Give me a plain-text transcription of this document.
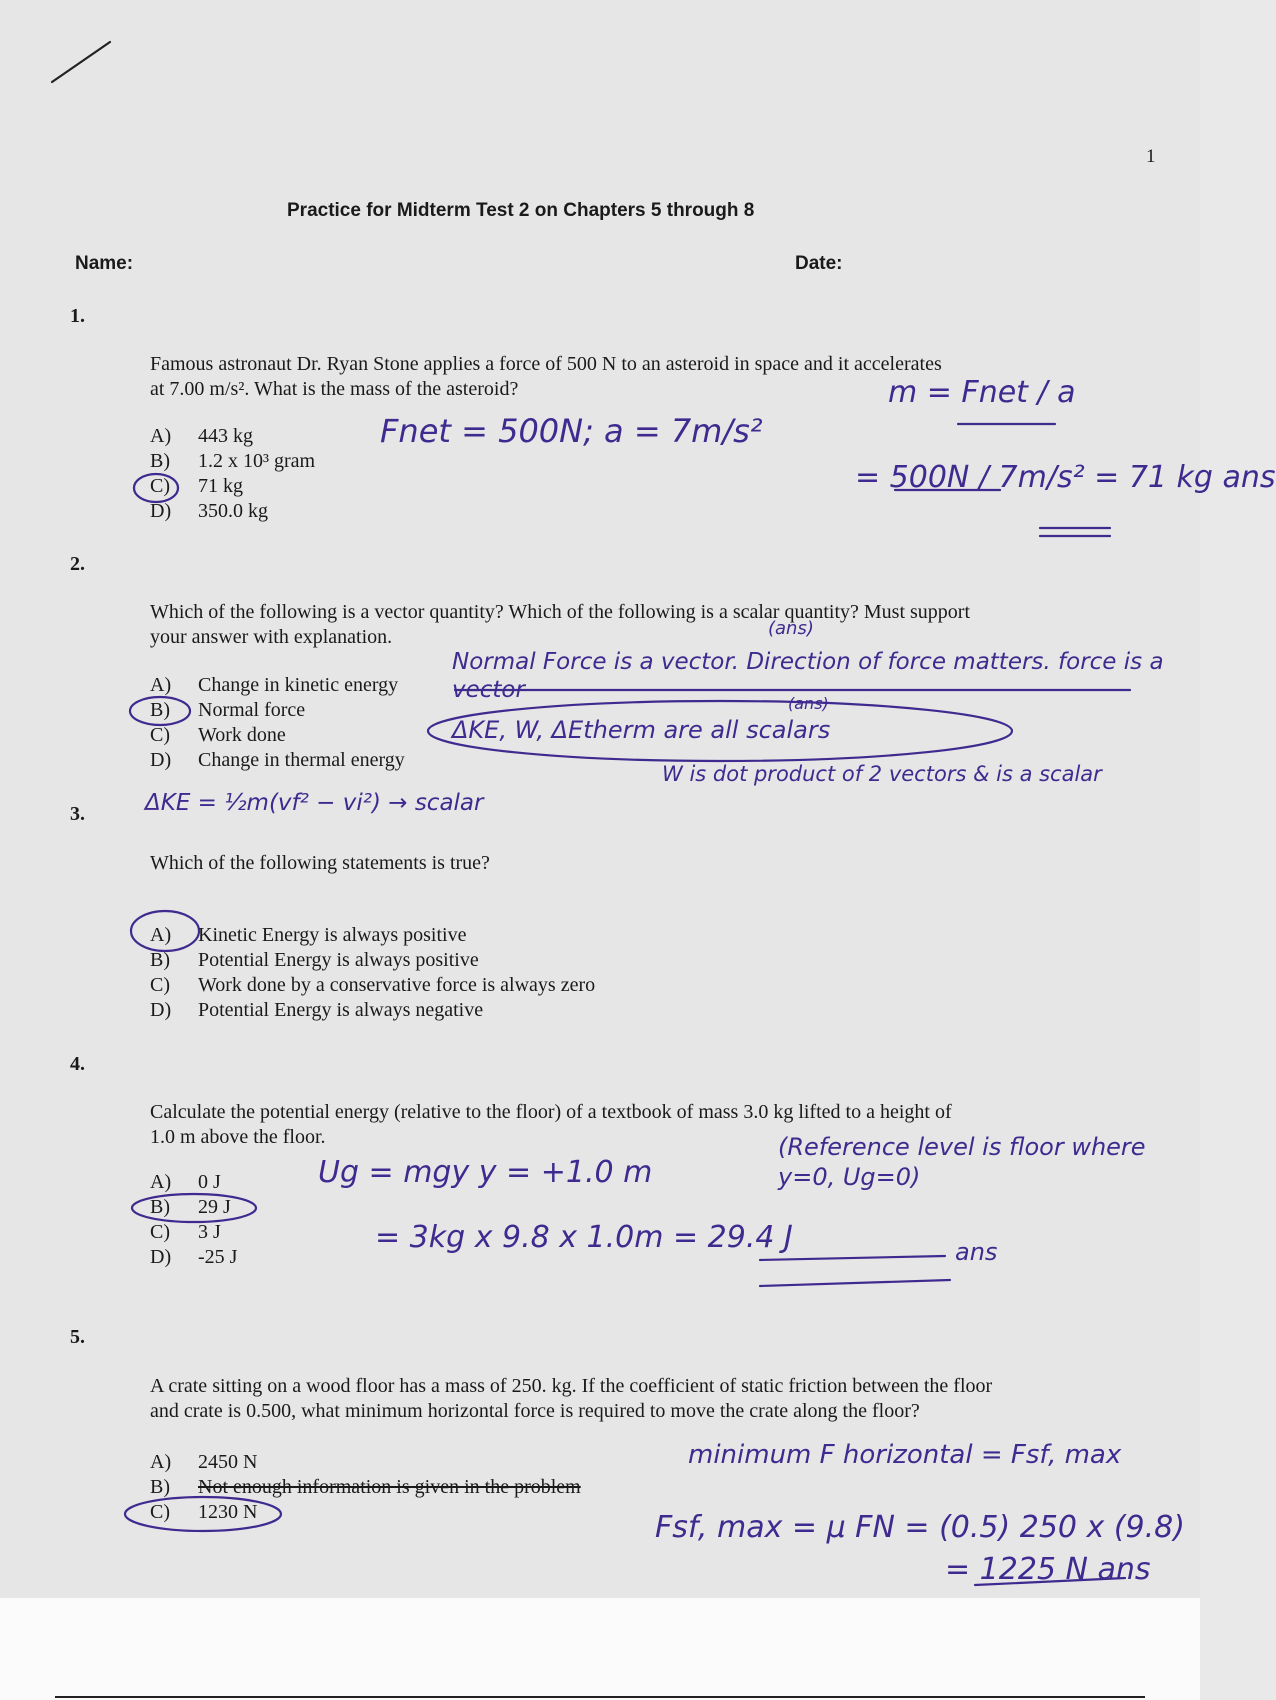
1
Practice for Midterm Test 2 on Chapters 5 through 8
Name:	Date:
1.
Famous astronaut Dr. Ryan Stone applies a force of 500 N to an asteroid in space and it accelerates at 7.00 m/s². What is the mass of the asteroid?
A) 443 kg
B) 1.2 x 10³ gram
C) 71 kg
D) 350.0 kg
Fnet = 500N; a = 7m/s²
m = Fnet / a
= 500N / 7m/s² = 71 kg ans
2.
Which of the following is a vector quantity? Which of the following is a scalar quantity? Must support your answer with explanation.
A) Change in kinetic energy
B) Normal force
C) Work done
D) Change in thermal energy
(ans)
Normal Force is a vector. Direction of force matters. force is a vector
(ans)
ΔKE, W, ΔEtherm are all scalars
W is dot product of 2 vectors & is a scalar
ΔKE = ½m(vf² − vi²) → scalar
3.
Which of the following statements is true?
A) Kinetic Energy is always positive
B) Potential Energy is always positive
C) Work done by a conservative force is always zero
D) Potential Energy is always negative
4.
Calculate the potential energy (relative to the floor) of a textbook of mass 3.0 kg lifted to a height of 1.0 m above the floor.
A) 0 J
B) 29 J
C) 3 J
D) -25 J
Ug = mgy y = +1.0 m
(Reference level is floor where y=0, Ug=0)
= 3kg x 9.8 x 1.0m = 29.4 J	ans
5.
A crate sitting on a wood floor has a mass of 250. kg. If the coefficient of static friction between the floor and crate is 0.500, what minimum horizontal force is required to move the crate along the floor?
A) 2450 N
B) Not enough information is given in the problem
C) 1230 N
minimum F horizontal = Fsf, max
Fsf, max = μ FN = (0.5) 250 x (9.8)
= 1225 N ans
